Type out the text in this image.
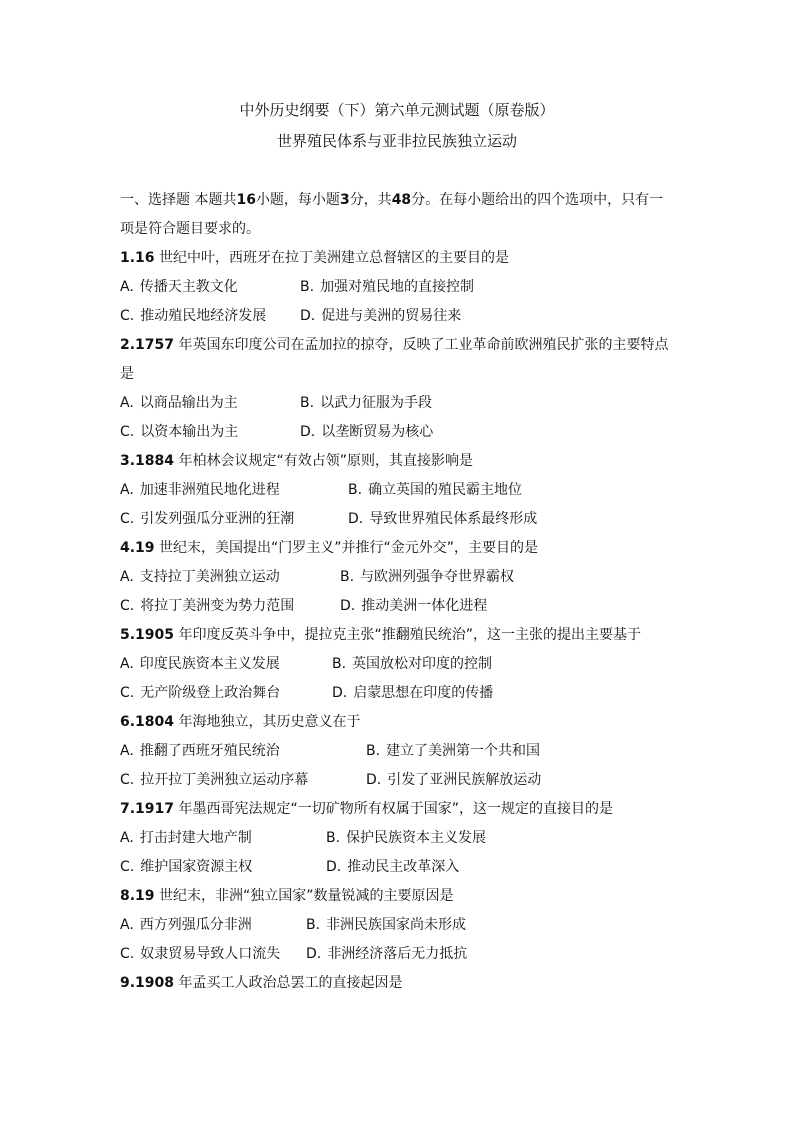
中外历史纲要（下）第六单元测试题（原卷版）
世界殖民体系与亚非拉民族独立运动
一、选择题 本题共16小题，每小题3分，共48分。在每小题给出的四个选项中，只有一项是符合题目要求的。
1.16 世纪中叶，西班牙在拉丁美洲建立总督辖区的主要目的是
A. 传播天主教文化	B. 加强对殖民地的直接控制
C. 推动殖民地经济发展 D. 促进与美洲的贸易往来
2.1757 年英国东印度公司在孟加拉的掠夺，反映了工业革命前欧洲殖民扩张的主要特点是
A. 以商品输出为主	B. 以武力征服为手段
C. 以资本输出为主	D. 以垄断贸易为核心
3.1884 年柏林会议规定“有效占领”原则，其直接影响是
A. 加速非洲殖民地化进程	B. 确立英国的殖民霸主地位
C. 引发列强瓜分亚洲的狂潮	D. 导致世界殖民体系最终形成
4.19 世纪末，美国提出“门罗主义”并推行“金元外交”，主要目的是
A. 支持拉丁美洲独立运动	B. 与欧洲列强争夺世界霸权
C. 将拉丁美洲变为势力范围	D. 推动美洲一体化进程
5.1905 年印度反英斗争中，提拉克主张“推翻殖民统治”，这一主张的提出主要基于
A. 印度民族资本主义发展	B. 英国放松对印度的控制
C. 无产阶级登上政治舞台	D. 启蒙思想在印度的传播
6.1804 年海地独立，其历史意义在于
A. 推翻了西班牙殖民统治	B. 建立了美洲第一个共和国
C. 拉开拉丁美洲独立运动序幕	D. 引发了亚洲民族解放运动
7.1917 年墨西哥宪法规定“一切矿物所有权属于国家”，这一规定的直接目的是
A. 打击封建大地产制	B. 保护民族资本主义发展
C. 维护国家资源主权	D. 推动民主改革深入
8.19 世纪末，非洲“独立国家”数量锐减的主要原因是
A. 西方列强瓜分非洲	B. 非洲民族国家尚未形成
C. 奴隶贸易导致人口流失 D. 非洲经济落后无力抵抗
9.1908 年孟买工人政治总罢工的直接起因是
